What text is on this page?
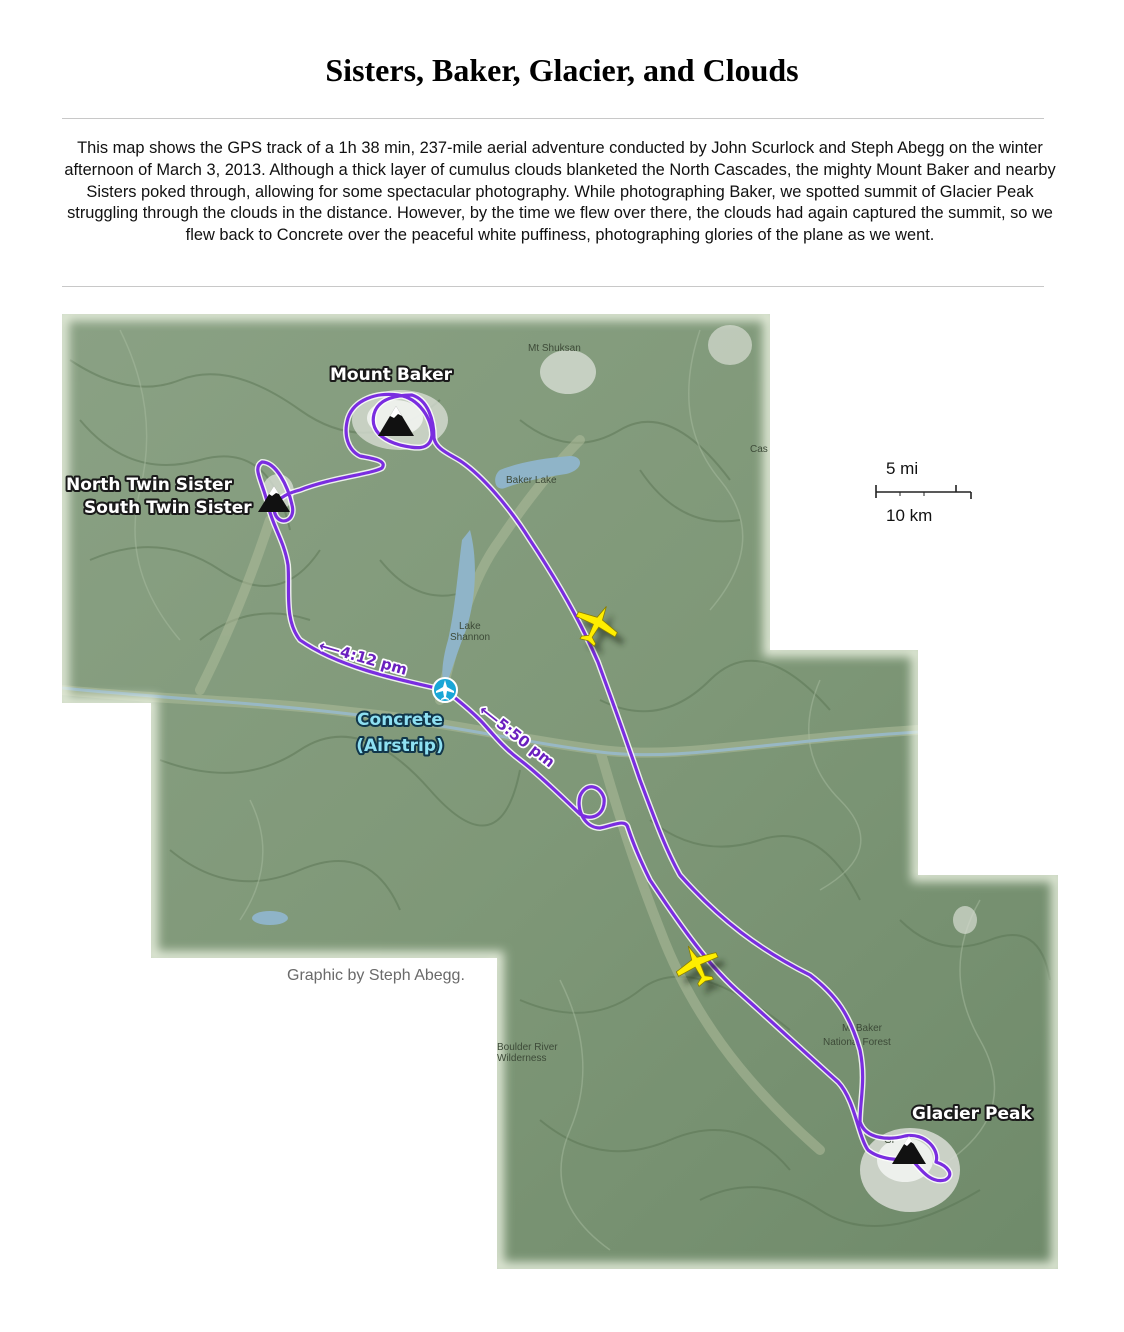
Sisters, Baker, Glacier, and Clouds
This map shows the GPS track of a 1h 38 min, 237-mile aerial adventure conducted by John Scurlock and Steph Abegg on the winter afternoon of March 3, 2013. Although a thick layer of cumulus clouds blanketed the North Cascades, the mighty Mount Baker and nearby Sisters poked through, allowing for some spectacular photography. While photographing Baker, we spotted summit of Glacier Peak struggling through the clouds in the distance. However, by the time we flew over there, the clouds had again captured the summit, so we flew back to Concrete over the peaceful white puffiness, photographing glories of the plane as we went.
Mt Shuksan
Baker Lake
Lake
Shannon
Cas
Mt Baker
National Forest
Boulder River
Wilderness
Gl
Mount Baker
North Twin Sister
South Twin Sister
Glacier Peak
Concrete
(Airstrip)
⟵
4:12 pm
⟵
5:50 pm
5 mi
10 km
Graphic by Steph Abegg.
